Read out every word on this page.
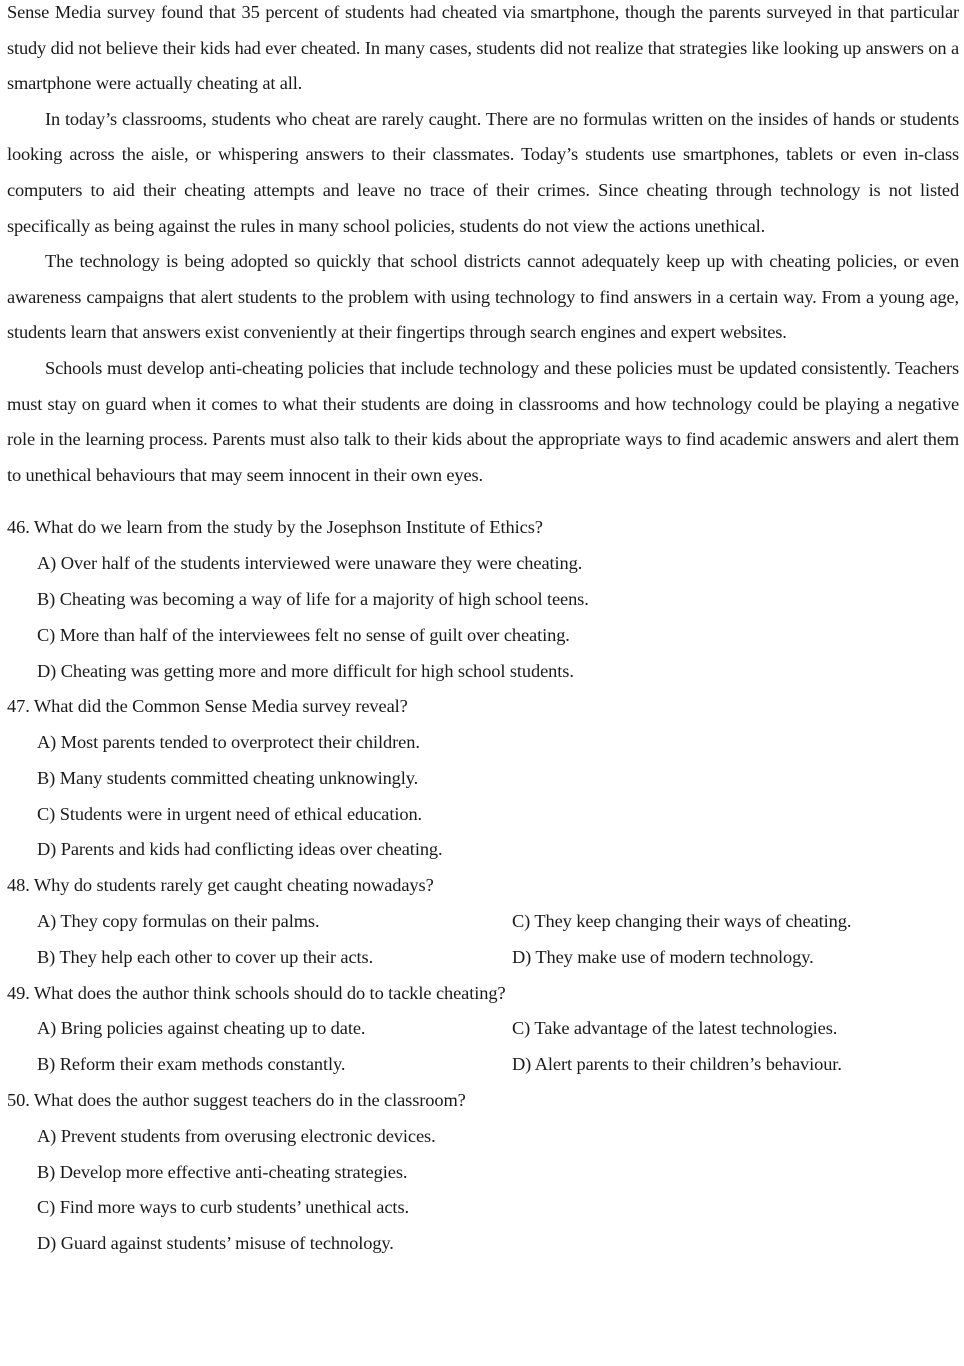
Sense Media survey found that 35 percent of students had cheated via smartphone, though the parents surveyed in that particular study did not believe their kids had ever cheated. In many cases, students did not realize that strategies like looking up answers on a smartphone were actually cheating at all.

In today’s classrooms, students who cheat are rarely caught. There are no formulas written on the insides of hands or students looking across the aisle, or whispering answers to their classmates. Today’s students use smartphones, tablets or even in-class computers to aid their cheating attempts and leave no trace of their crimes. Since cheating through technology is not listed specifically as being against the rules in many school policies, students do not view the actions unethical.

The technology is being adopted so quickly that school districts cannot adequately keep up with cheating policies, or even awareness campaigns that alert students to the problem with using technology to find answers in a certain way. From a young age, students learn that answers exist conveniently at their fingertips through search engines and expert websites.

Schools must develop anti-cheating policies that include technology and these policies must be updated consistently. Teachers must stay on guard when it comes to what their students are doing in classrooms and how technology could be playing a negative role in the learning process. Parents must also talk to their kids about the appropriate ways to find academic answers and alert them to unethical behaviours that may seem innocent in their own eyes.

46. What do we learn from the study by the Josephson Institute of Ethics?

A) Over half of the students interviewed were unaware they were cheating.
B) Cheating was becoming a way of life for a majority of high school teens.
C) More than half of the interviewees felt no sense of guilt over cheating.
D) Cheating was getting more and more difficult for high school students.

47. What did the Common Sense Media survey reveal?

A) Most parents tended to overprotect their children.
B) Many students committed cheating unknowingly.
C) Students were in urgent need of ethical education.
D) Parents and kids had conflicting ideas over cheating.

48. Why do students rarely get caught cheating nowadays?

A) They copy formulas on their palms.	C) They keep changing their ways of cheating.
B) They help each other to cover up their acts.	D) They make use of modern technology.

49. What does the author think schools should do to tackle cheating?

A) Bring policies against cheating up to date.	C) Take advantage of the latest technologies.
B) Reform their exam methods constantly.	D) Alert parents to their children’s behaviour.

50. What does the author suggest teachers do in the classroom?

A) Prevent students from overusing electronic devices.
B) Develop more effective anti-cheating strategies.
C) Find more ways to curb students’ unethical acts.
D) Guard against students’ misuse of technology.
